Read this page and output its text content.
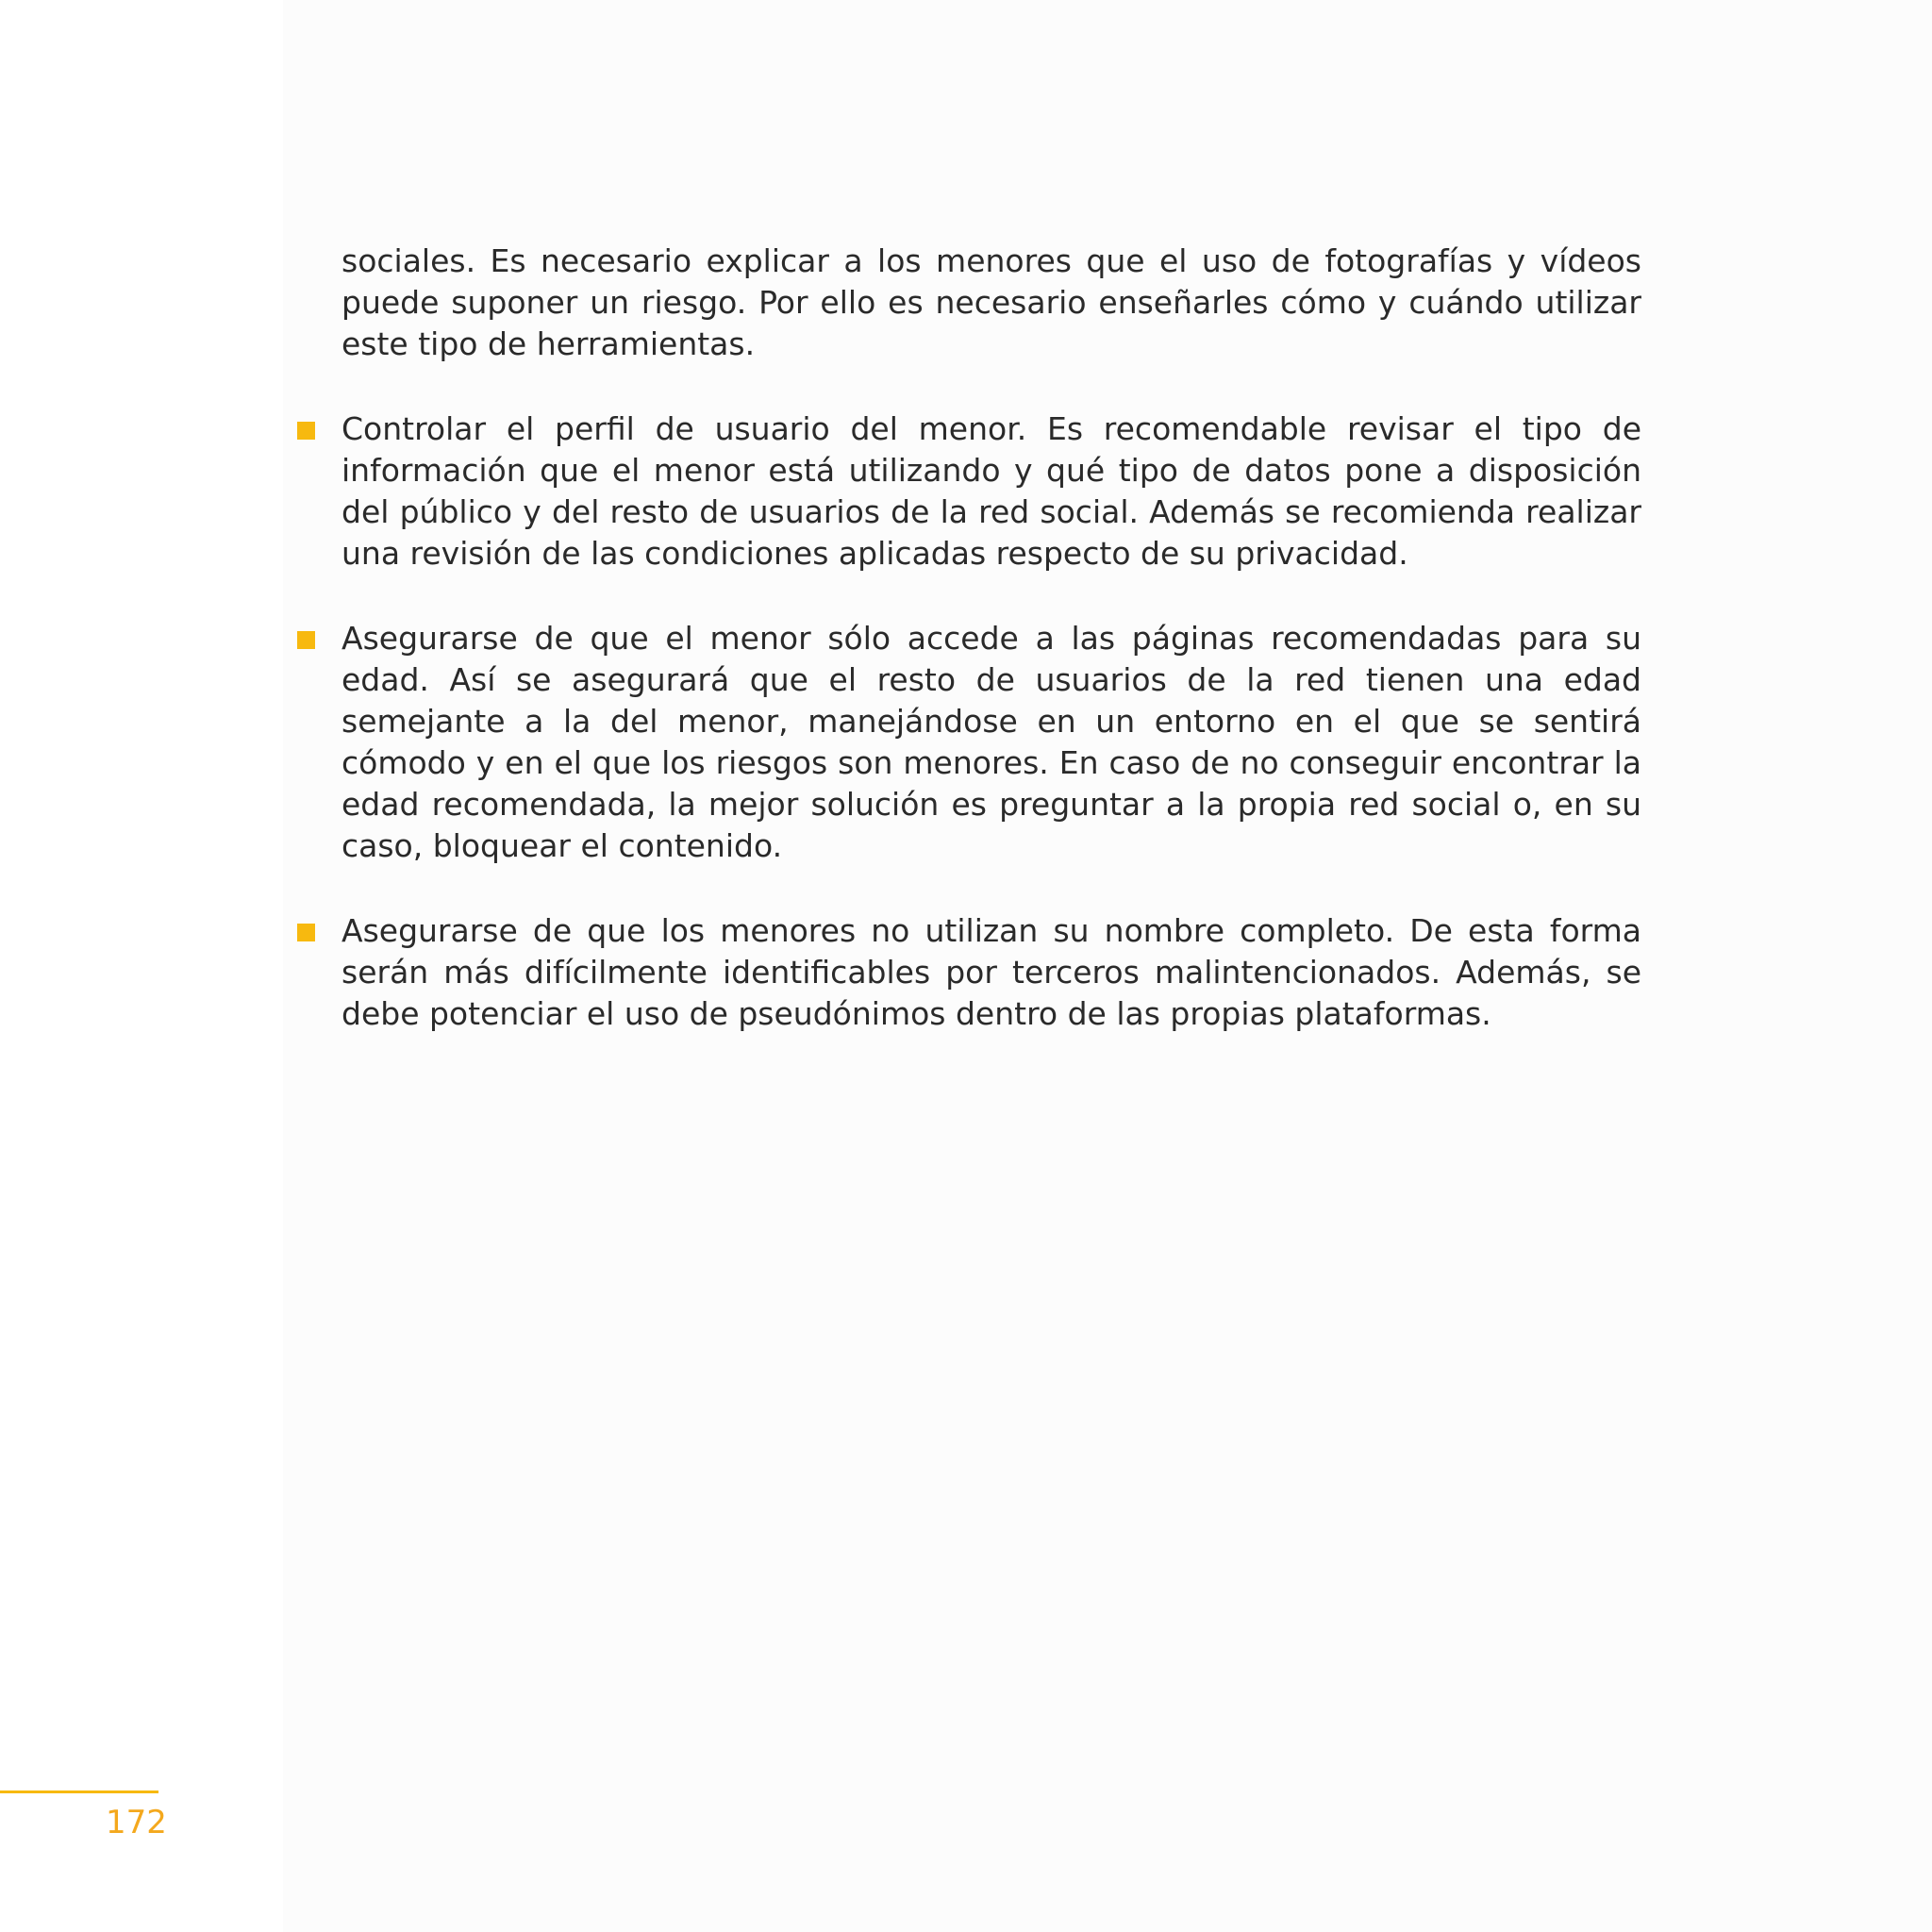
sociales. Es necesario explicar a los menores que el uso de fotografías y vídeos puede suponer un riesgo. Por ello es necesario enseñarles cómo y cuándo utilizar este tipo de herramientas.

Controlar el perfil de usuario del menor. Es recomendable revisar el tipo de información que el menor está utilizando y qué tipo de datos pone a disposición del público y del resto de usuarios de la red social. Además se recomienda realizar una revisión de las condiciones aplicadas respecto de su privacidad.

Asegurarse de que el menor sólo accede a las páginas recomendadas para su edad. Así se asegurará que el resto de usuarios de la red tienen una edad semejante a la del menor, manejándose en un entorno en el que se sentirá cómodo y en el que los riesgos son menores. En caso de no conseguir encontrar la edad recomendada, la mejor solución es preguntar a la propia red social o, en su caso, bloquear el contenido.

Asegurarse de que los menores no utilizan su nombre completo. De esta forma serán más difícilmente identificables por terceros malintencionados. Además, se debe potenciar el uso de pseudónimos dentro de las propias plataformas.

172
